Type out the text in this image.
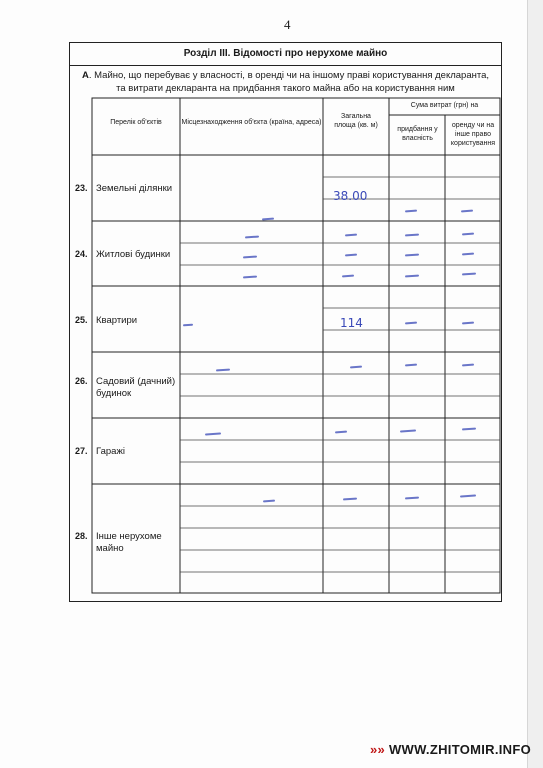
4
Розділ ІІІ. Відомості про нерухоме майно
А. Майно, що перебуває у власності, в оренді чи на іншому праві користування декларанта,
та витрати декларанта на придбання такого майна або на користування ним
Перелік об'єктів	Місцезнаходження об'єкта (країна, адреса)
Загальна площа (кв. м)
Сума витрат (грн) на
придбання у власність
оренду чи на інше право користування
23. Земельні ділянки
24. Житлові будинки
25. Квартири
26. Садовий (дачний) будинок
27. Гаражі
28. Інше нерухоме майно
38.00
114
»» WWW.ZHITOMIR.INFO
